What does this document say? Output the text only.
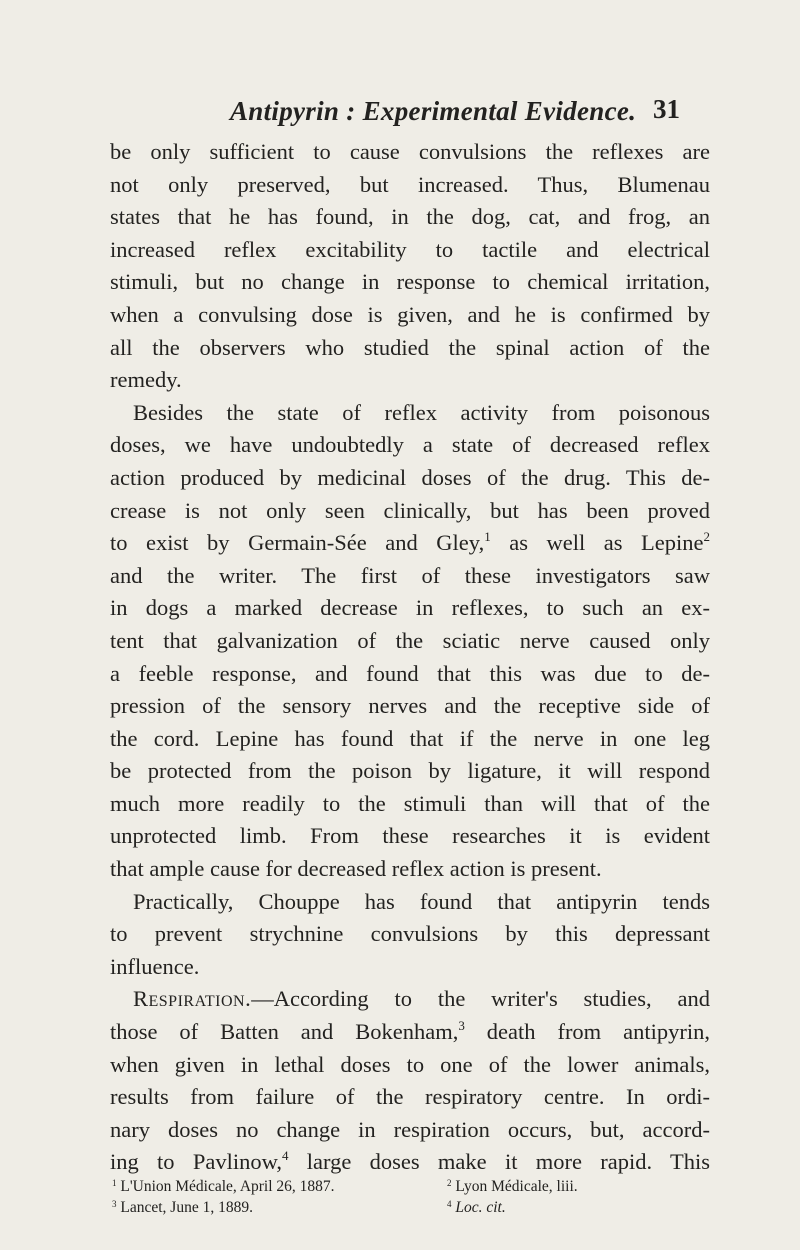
Antipyrin : Experimental Evidence. 31
be only sufficient to cause convulsions the reflexes are
not only preserved, but increased. Thus, Blumenau
states that he has found, in the dog, cat, and frog, an
increased reflex excitability to tactile and electrical
stimuli, but no change in response to chemical irritation,
when a convulsing dose is given, and he is confirmed by
all the observers who studied the spinal action of the
remedy.
Besides the state of reflex activity from poisonous
doses, we have undoubtedly a state of decreased reflex
action produced by medicinal doses of the drug. This de-
crease is not only seen clinically, but has been proved
to exist by Germain-Sée and Gley,$^1$ as well as Lepine$^2$
and the writer. The first of these investigators saw
in dogs a marked decrease in reflexes, to such an ex-
tent that galvanization of the sciatic nerve caused only
a feeble response, and found that this was due to de-
pression of the sensory nerves and the receptive side of
the cord. Lepine has found that if the nerve in one leg
be protected from the poison by ligature, it will respond
much more readily to the stimuli than will that of the
unprotected limb. From these researches it is evident
that ample cause for decreased reflex action is present.
Practically, Chouppe has found that antipyrin tends
to prevent strychnine convulsions by this depressant
influence.
Respiration.—According to the writer's studies, and
those of Batten and Bokenham,$^3$ death from antipyrin,
when given in lethal doses to one of the lower animals,
results from failure of the respiratory centre. In ordi-
nary doses no change in respiration occurs, but, accord-
ing to Pavlinow,$^4$ large doses make it more rapid. This
$^1$ L'Union Médicale, April 26, 1887.	$^2$ Lyon Médicale, liii.
$^3$ Lancet, June 1, 1889.	$^4$ Loc. cit.
